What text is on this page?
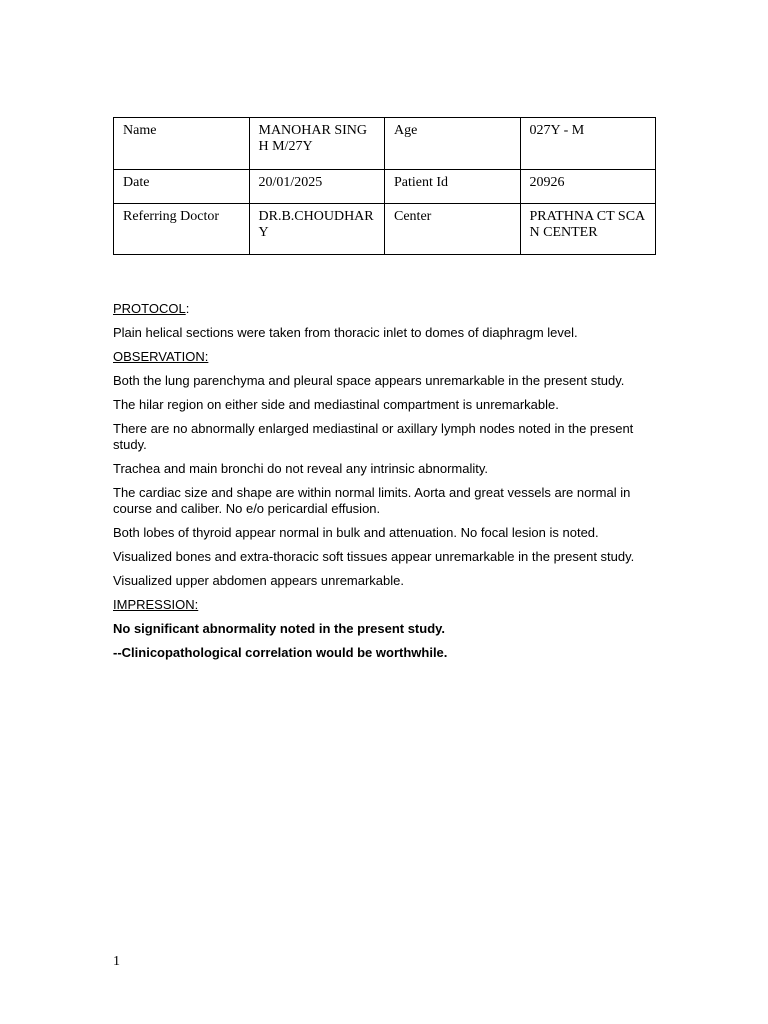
Name	MANOHAR SINGH M/27Y	Age	027Y - M
Date	20/01/2025	Patient Id	20926
Referring Doctor	DR.B.CHOUDHARY	Center	PRATHNA CT SCAN CENTER

PROTOCOL:

Plain helical sections were taken from thoracic inlet to domes of diaphragm level.

OBSERVATION:

Both the lung parenchyma and pleural space appears unremarkable in the present study.

The hilar region on either side and mediastinal compartment is unremarkable.

There are no abnormally enlarged mediastinal or axillary lymph nodes noted in the present study.

Trachea and main bronchi do not reveal any intrinsic abnormality.

The cardiac size and shape are within normal limits. Aorta and great vessels are normal in course and caliber. No e/o pericardial effusion.

Both lobes of thyroid appear normal in bulk and attenuation. No focal lesion is noted.

Visualized bones and extra-thoracic soft tissues appear unremarkable in the present study.

Visualized upper abdomen appears unremarkable.

IMPRESSION:

No significant abnormality noted in the present study.

--Clinicopathological correlation would be worthwhile.

1
